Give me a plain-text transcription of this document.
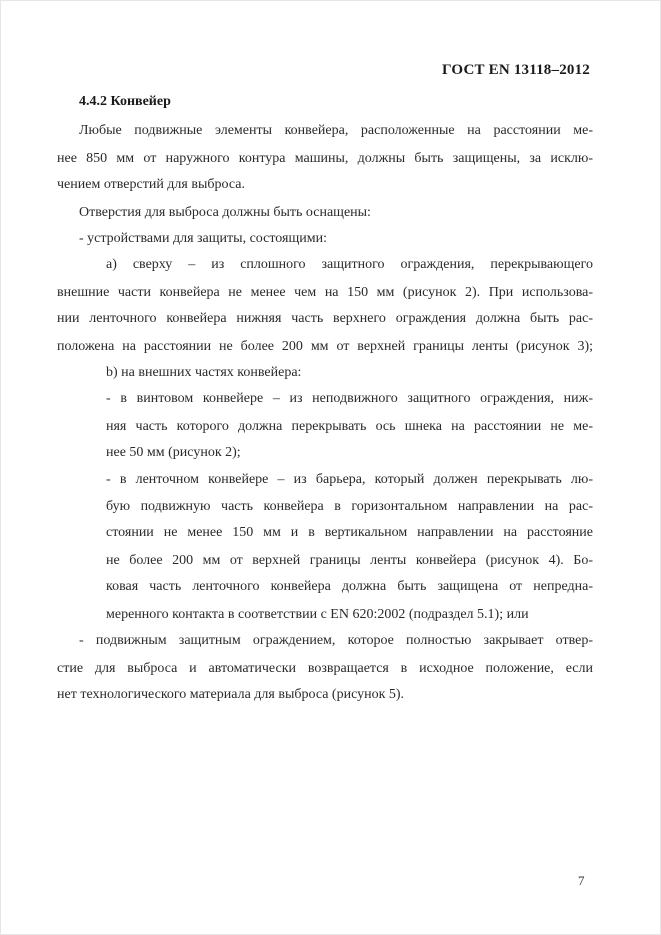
ГОСТ EN 13118–2012
4.4.2 Конвейер
Любые подвижные элементы конвейера, расположенные на расстоянии ме-
нее 850 мм от наружного контура машины, должны быть защищены, за исклю-
чением отверстий для выброса.
Отверстия для выброса должны быть оснащены:
- устройствами для защиты, состоящими:
a) сверху – из сплошного защитного ограждения, перекрывающего
внешние части конвейера не менее чем на 150 мм (рисунок 2). При использова-
нии ленточного конвейера нижняя часть верхнего ограждения должна быть рас-
положена на расстоянии не более 200 мм от верхней границы ленты (рисунок 3);
b) на внешних частях конвейера:
- в винтовом конвейере – из неподвижного защитного ограждения, ниж-
няя часть которого должна перекрывать ось шнека на расстоянии не ме-
нее 50 мм (рисунок 2);
- в ленточном конвейере – из барьера, который должен перекрывать лю-
бую подвижную часть конвейера в горизонтальном направлении на рас-
стоянии не менее 150 мм и в вертикальном направлении на расстояние
не более 200 мм от верхней границы ленты конвейера (рисунок 4). Бо-
ковая часть ленточного конвейера должна быть защищена от непредна-
меренного контакта в соответствии с EN 620:2002 (подраздел 5.1); или
- подвижным защитным ограждением, которое полностью закрывает отвер-
стие для выброса и автоматически возвращается в исходное положение, если
нет технологического материала для выброса (рисунок 5).
7
